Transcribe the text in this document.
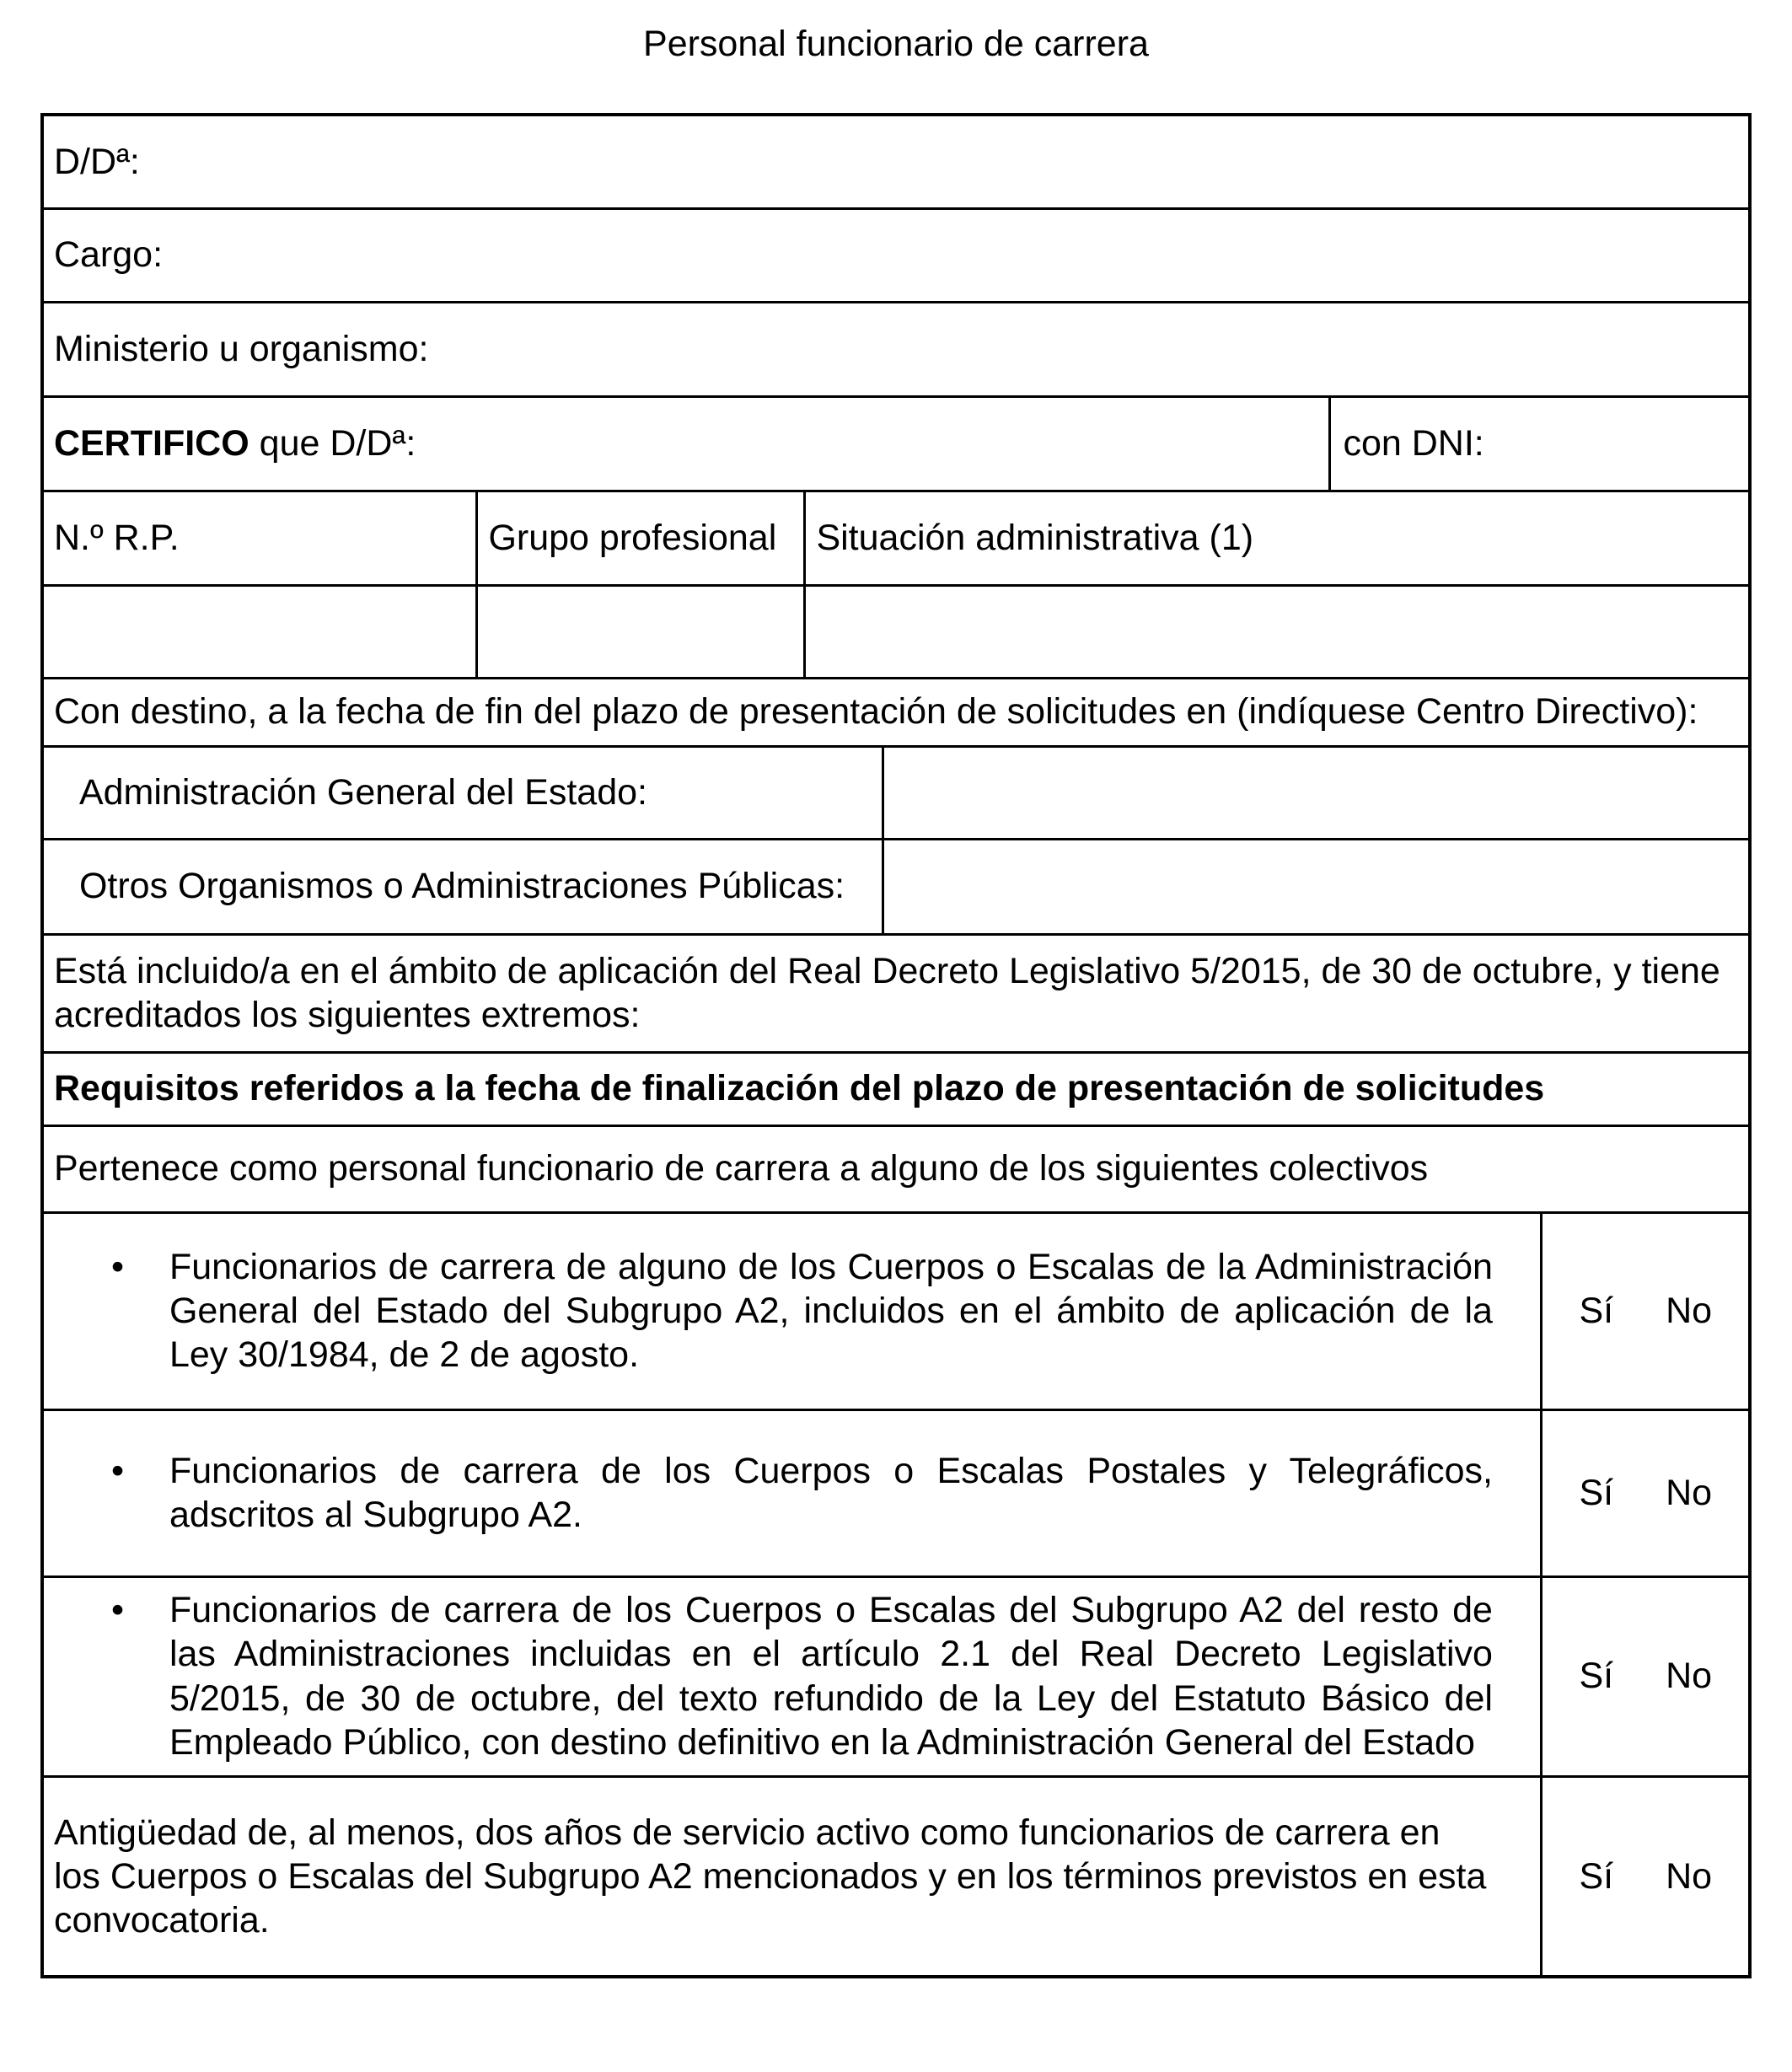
Personal funcionario de carrera
D/Dª:					
Cargo:					
Ministerio u organismo:					
CERTIFICO que D/Dª:				con DNI:	
N.º R.P.	Grupo profesional	Situación administrativa (1)			

Con destino, a la fecha de fin del plazo de presentación de solicitudes en (indíquese Centro Directivo):					
Administración General del Estado:					
Otros Organismos o Administraciones Públicas:					
Está incluido/a en el ámbito de aplicación del Real Decreto Legislativo 5/2015, de 30 de octubre, y tiene acreditados los siguientes extremos:					
Requisitos referidos a la fecha de finalización del plazo de presentación de solicitudes					
Pertenece como personal funcionario de carrera a alguno de los siguientes colectivos					

• Funcionarios de carrera de alguno de los Cuerpos o Escalas de la Administración General del Estado del Subgrupo A2, incluidos en el ámbito de aplicación de la Ley 30/1984, de 2 de agosto.					Sí No

• Funcionarios de carrera de los Cuerpos o Escalas Postales y Telegráficos, adscritos al Subgrupo A2.					Sí No

• Funcionarios de carrera de los Cuerpos o Escalas del Subgrupo A2 del resto de las Administraciones incluidas en el artículo 2.1 del Real Decreto Legislativo 5/2015, de 30 de octubre, del texto refundido de la Ley del Estatuto Básico del Empleado Público, con destino definitivo en la Administración General del Estado					Sí No

Antigüedad de, al menos, dos años de servicio activo como funcionarios de carrera en los Cuerpos o Escalas del Subgrupo A2 mencionados y en los términos previstos en esta convocatoria.					Sí No
